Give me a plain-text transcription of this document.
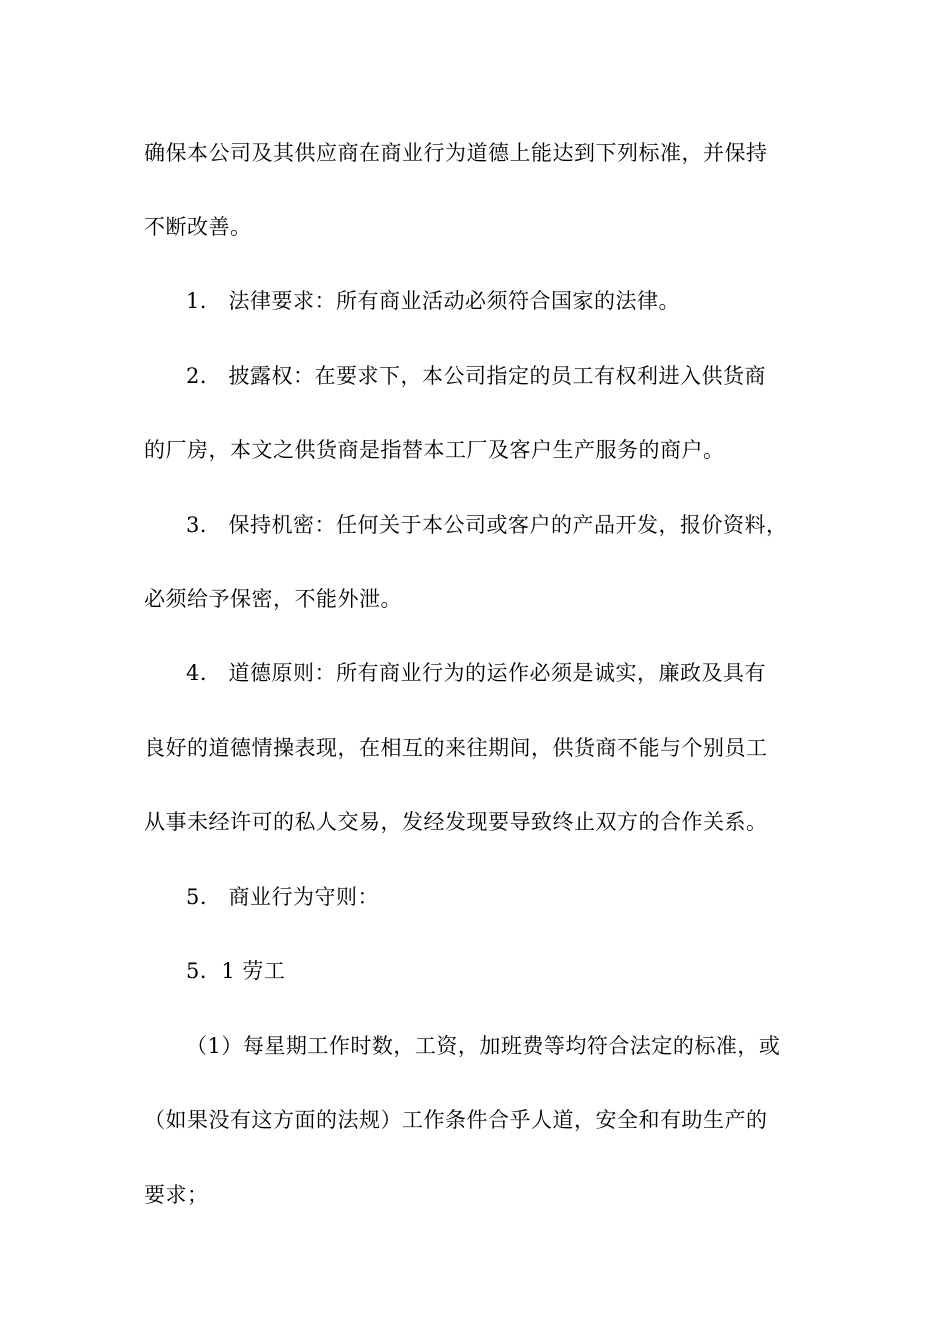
确保本公司及其供应商在商业行为道德上能达到下列标准，并保持
不断改善。
1． 法律要求：所有商业活动必须符合国家的法律。
2． 披露权：在要求下，本公司指定的员工有权利进入供货商
的厂房，本文之供货商是指替本工厂及客户生产服务的商户。
3． 保持机密：任何关于本公司或客户的产品开发，报价资料，
必须给予保密，不能外泄。
4． 道德原则：所有商业行为的运作必须是诚实，廉政及具有
良好的道德情操表现，在相互的来往期间，供货商不能与个别员工
从事未经许可的私人交易，发经发现要导致终止双方的合作关系。
5． 商业行为守则：
5．1 劳工
（1）每星期工作时数，工资，加班费等均符合法定的标准，或
（如果没有这方面的法规）工作条件合乎人道，安全和有助生产的
要求；
